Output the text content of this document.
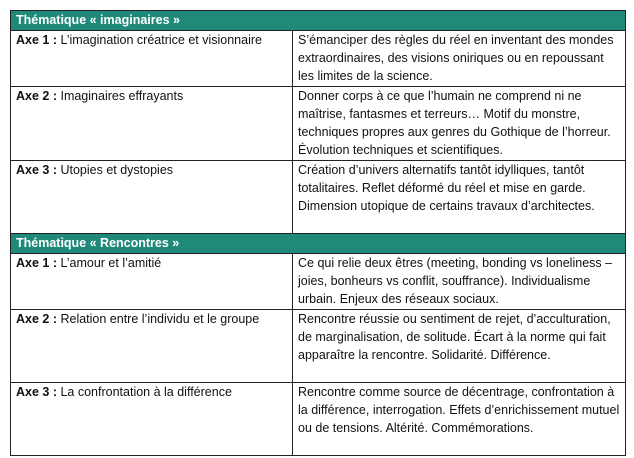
Thématique « imaginaires »	
Axe 1 : L’imagination créatrice et visionnaire	S’émanciper des règles du réel en inventant des mondes extraordinaires, des visions oniriques ou en repoussant les limites de la science.
Axe 2 : Imaginaires effrayants	Donner corps à ce que l’humain ne comprend ni ne maîtrise, fantasmes et terreurs… Motif du monstre, techniques propres aux genres du Gothique de l’horreur. Évolution techniques et scientifiques.
Axe 3 : Utopies et dystopies	Création d’univers alternatifs tantôt idylliques, tantôt totalitaires. Reflet déformé du réel et mise en garde. Dimension utopique de certains travaux d’architectes.
Thématique « Rencontres »	
Axe 1 : L’amour et l’amitié	Ce qui relie deux êtres (meeting, bonding vs loneliness – joies, bonheurs vs conflit, souffrance). Individualisme urbain. Enjeux des réseaux sociaux.
Axe 2 : Relation entre l’individu et le groupe	Rencontre réussie ou sentiment de rejet, d’acculturation, de marginalisation, de solitude. Écart à la norme qui fait apparaître la rencontre. Solidarité. Différence.
Axe 3 : La confrontation à la différence	Rencontre comme source de décentrage, confrontation à la différence, interrogation. Effets d’enrichissement mutuel ou de tensions. Altérité. Commémorations.
